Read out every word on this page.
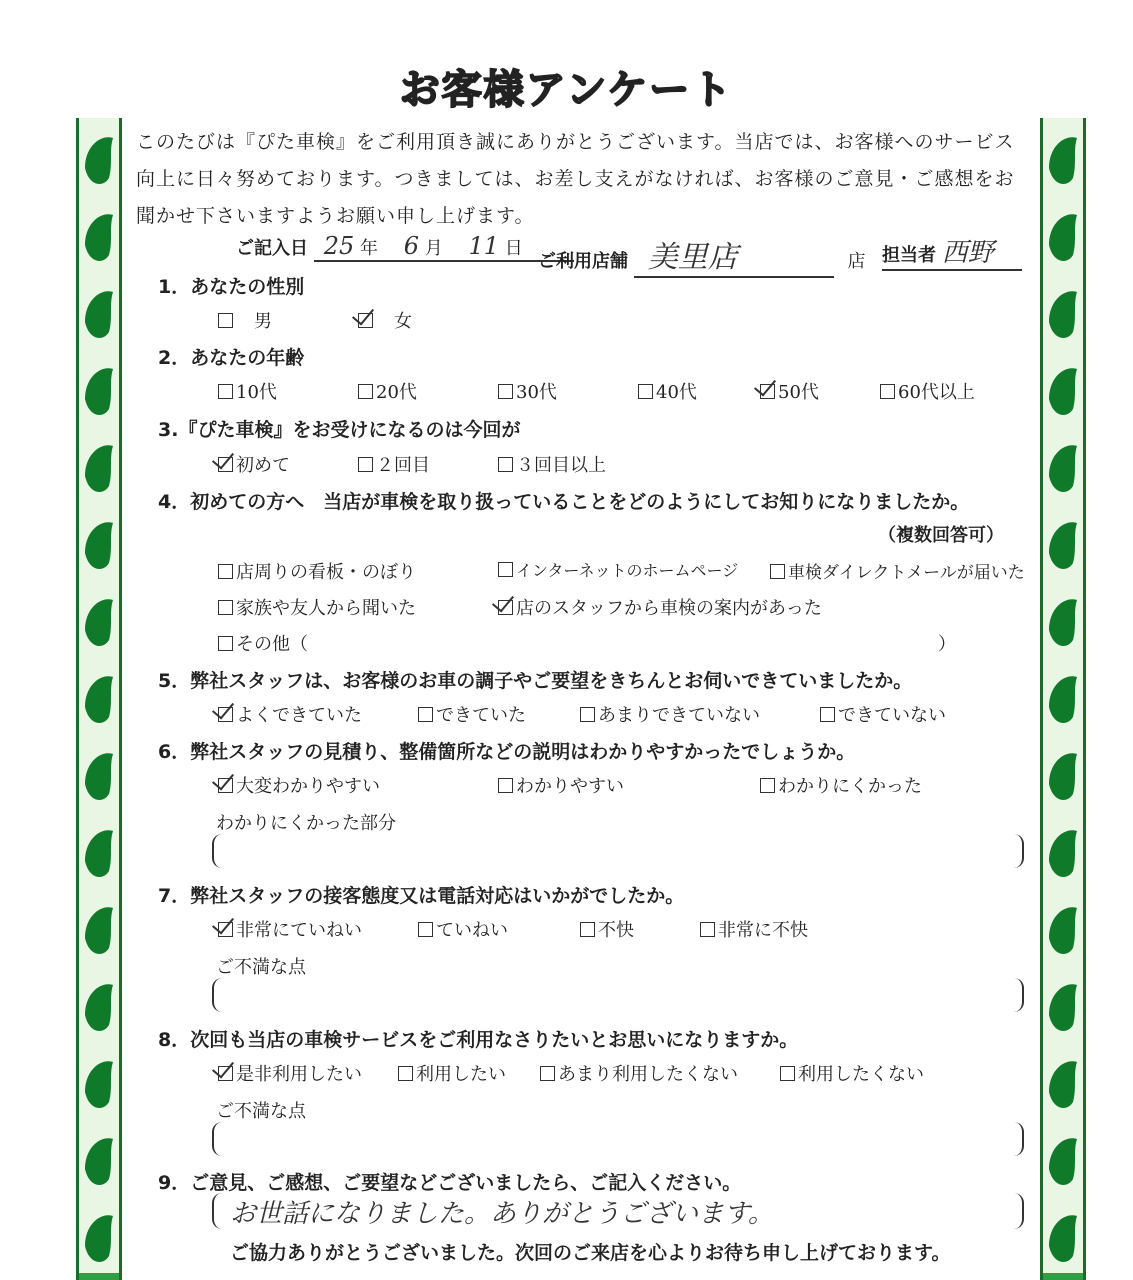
お客様アンケート
このたびは『ぴた車検』をご利用頂き誠にありがとうございます。当店では、お客様へのサービス向上に日々努めております。つきましては、お差し支えがなければ、お客様のご意見・ご感想をお聞かせ下さいますようお願い申し上げます。
ご記入日 25 年 6 月 11 日
ご利用店舗 美里店	店 担当者 西野
1．あなたの性別
　男
　	女
2．あなたの年齢
10代	20代	30代	40代	50代	60代以上
3.『ぴた車検』をお受けになるのは今回が
初めて	２回目	３回目以上
4．初めての方へ　当店が車検を取り扱っていることをどのようにしてお知りになりましたか。
（複数回答可）
店周りの看板・のぼり	インターネットのホームページ	車検ダイレクトメールが届いた
家族や友人から聞いた	店のスタッフから車検の案内があった
その他（	）
5．弊社スタッフは、お客様のお車の調子やご要望をきちんとお伺いできていましたか。
よくできていた	できていた	あまりできていない	できていない
6．弊社スタッフの見積り、整備箇所などの説明はわかりやすかったでしょうか。
大変わかりやすい	わかりやすい	わかりにくかった
わかりにくかった部分
7．弊社スタッフの接客態度又は電話対応はいかがでしたか。
非常にていねい	ていねい	不快	非常に不快
ご不満な点
8．次回も当店の車検サービスをご利用なさりたいとお思いになりますか。
是非利用したい	利用したい	あまり利用したくない	利用したくない
ご不満な点
9．ご意見、ご感想、ご要望などございましたら、ご記入ください。
お世話になりました。ありがとうございます。
ご協力ありがとうございました。次回のご来店を心よりお待ち申し上げております。
